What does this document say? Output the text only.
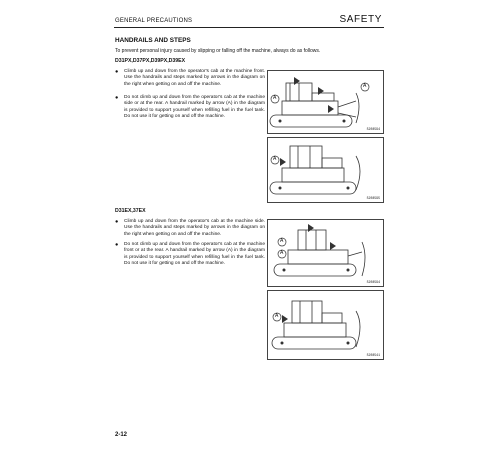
GENERAL PRECAUTIONS	SAFETY
HANDRAILS AND STEPS
To prevent personal injury caused by slipping or falling off the machine, always do as follows.
D31PX,D37PX,D39PX,D39EX
●	Climb up and down from the operator's cab at the machine front. Use the handrails and steps marked by arrows in the diagram on the right when getting on and off the machine.
●	Do not climb up and down from the operator's cab at the machine side or at the rear. A handrail marked by arrow (A) in the diagram is provided to support yourself when refilling fuel in the fuel tank. Do not use it for getting on and off the machine.
D31EX,37EX
●	Climb up and down from the operator's cab at the machine side. Use the handrails and steps marked by arrows in the diagram on the right when getting on and off the machine.
●	Do not climb up and down from the operator's cab at the machine front or at the rear. A handrail marked by arrow (A) in the diagram is provided to support yourself when refilling fuel in the fuel tank. Do not use it for getting on and off the machine.
A
A
SJ08594
A
SJ08595
A
A
SJ08594
A
SJ08541
2-12
